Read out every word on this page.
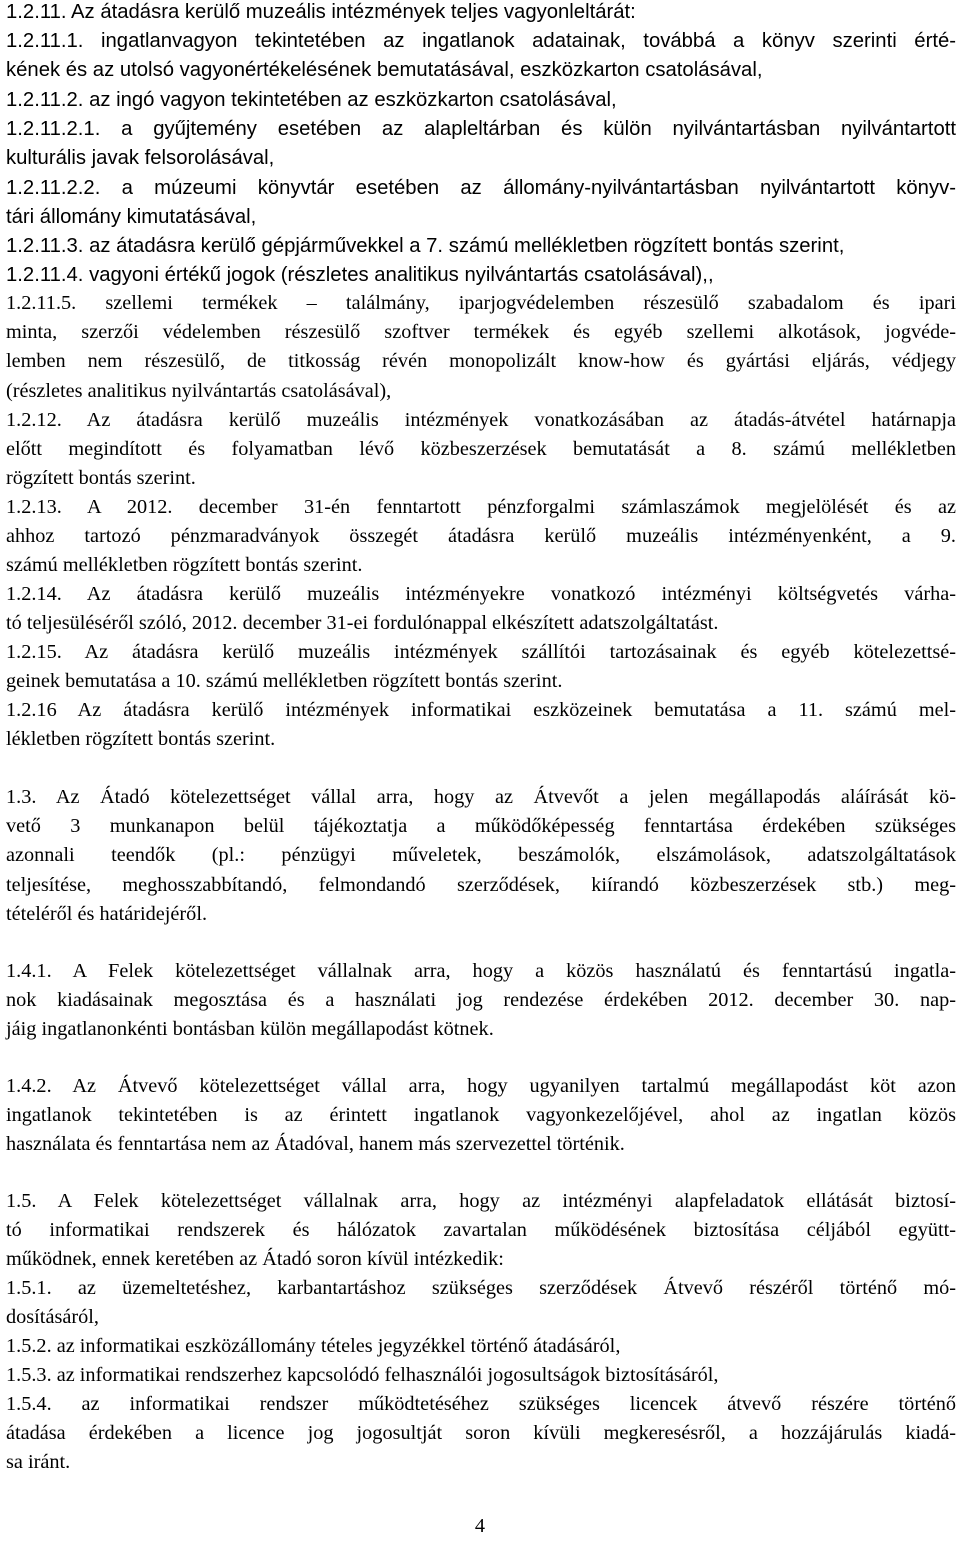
1.2.11. Az átadásra kerülő muzeális intézmények teljes vagyonleltárát:
1.2.11.1. ingatlanvagyon tekintetében az ingatlanok adatainak, továbbá a könyv szerinti érté-
kének és az utolsó vagyonértékelésének bemutatásával, eszközkarton csatolásával,
1.2.11.2. az ingó vagyon tekintetében az eszközkarton csatolásával,
1.2.11.2.1. a gyűjtemény esetében az alapleltárban és külön nyilvántartásban nyilvántartott
kulturális javak felsorolásával,
1.2.11.2.2. a múzeumi könyvtár esetében az állomány-nyilvántartásban nyilvántartott könyv-
tári állomány kimutatásával,
1.2.11.3. az átadásra kerülő gépjárművekkel a 7. számú mellékletben rögzített bontás szerint,
1.2.11.4. vagyoni értékű jogok (részletes analitikus nyilvántartás csatolásával),,
1.2.11.5. szellemi termékek – találmány, iparjogvédelemben részesülő szabadalom és ipari
minta, szerzői védelemben részesülő szoftver termékek és egyéb szellemi alkotások, jogvéde-
lemben nem részesülő, de titkosság révén monopolizált know-how és gyártási eljárás, védjegy
(részletes analitikus nyilvántartás csatolásával),
1.2.12. Az átadásra kerülő muzeális intézmények vonatkozásában az átadás-átvétel határnapja
előtt megindított és folyamatban lévő közbeszerzések bemutatását a 8. számú mellékletben
rögzített bontás szerint.
1.2.13. A 2012. december 31-én fenntartott pénzforgalmi számlaszámok megjelölését és az
ahhoz tartozó pénzmaradványok összegét átadásra kerülő muzeális intézményenként, a 9.
számú mellékletben rögzített bontás szerint.
1.2.14. Az átadásra kerülő muzeális intézményekre vonatkozó intézményi költségvetés várha-
tó teljesüléséről szóló, 2012. december 31-ei fordulónappal elkészített adatszolgáltatást.
1.2.15. Az átadásra kerülő muzeális intézmények szállítói tartozásainak és egyéb kötelezettsé-
geinek bemutatása a 10. számú mellékletben rögzített bontás szerint.
1.2.16 Az átadásra kerülő intézmények informatikai eszközeinek bemutatása a 11. számú mel-
lékletben rögzített bontás szerint.
1.3. Az Átadó kötelezettséget vállal arra, hogy az Átvevőt a jelen megállapodás aláírását kö-
vető 3 munkanapon belül tájékoztatja a működőképesség fenntartása érdekében szükséges
azonnali teendők (pl.: pénzügyi műveletek, beszámolók, elszámolások, adatszolgáltatások
teljesítése, meghosszabbítandó, felmondandó szerződések, kiírandó közbeszerzések stb.) meg-
tételéről és határidejéről.
1.4.1. A Felek kötelezettséget vállalnak arra, hogy a közös használatú és fenntartású ingatla-
nok kiadásainak megosztása és a használati jog rendezése érdekében 2012. december 30. nap-
jáig ingatlanonkénti bontásban külön megállapodást kötnek.
1.4.2. Az Átvevő kötelezettséget vállal arra, hogy ugyanilyen tartalmú megállapodást köt azon
ingatlanok tekintetében is az érintett ingatlanok vagyonkezelőjével, ahol az ingatlan közös
használata és fenntartása nem az Átadóval, hanem más szervezettel történik.
1.5. A Felek kötelezettséget vállalnak arra, hogy az intézményi alapfeladatok ellátását biztosí-
tó informatikai rendszerek és hálózatok zavartalan működésének biztosítása céljából együtt-
működnek, ennek keretében az Átadó soron kívül intézkedik:
1.5.1. az üzemeltetéshez, karbantartáshoz szükséges szerződések Átvevő részéről történő mó-
dosításáról,
1.5.2. az informatikai eszközállomány tételes jegyzékkel történő átadásáról,
1.5.3. az informatikai rendszerhez kapcsolódó felhasználói jogosultságok biztosításáról,
1.5.4. az informatikai rendszer működtetéséhez szükséges licencek átvevő részére történő
átadása érdekében a licence jog jogosultját soron kívüli megkeresésről, a hozzájárulás kiadá-
sa iránt.
4
